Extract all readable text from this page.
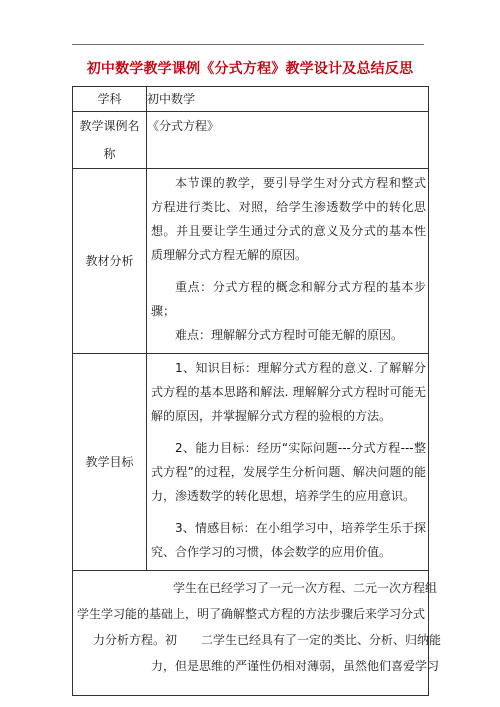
初中数学教学课例《分式方程》教学设计及总结反思
学科	初中数学

教学课例名
称	《分式方程》

教材分析	本节课的教学，要引导学生对分式方程和整式方程进行类比、对照，给学生渗透数学中的转化思想。并且要让学生通过分式的意义及分式的基本性质理解分式方程无解的原因。

重点：分式方程的概念和解分式方程的基本步骤；

难点：理解解分式方程时可能无解的原因。

教学目标	1、知识目标：理解分式方程的意义. 了解解分式方程的基本思路和解法. 理解解分式方程时可能无解的原因，并掌握解分式方程的验根的方法。

2、能力目标：经历“实际问题---分式方程---整式方程”的过程，发展学生分析问题、解决问题的能力，渗透数学的转化思想，培养学生的应用意识。

3、情感目标：在小组学习中，培养学生乐于探究、合作学习的习惯，体会数学的应用价值。

学生在已经学习了一元一次方程、二元一次方程组
学生学习能的基础上，明了确解整式方程的方法步骤后来学习分式
力分析方程。初　　二学生已经具有了一定的类比、分析、归纳能
力，但是思维的严谨性仍相对薄弱，虽然他们喜爱学习	
